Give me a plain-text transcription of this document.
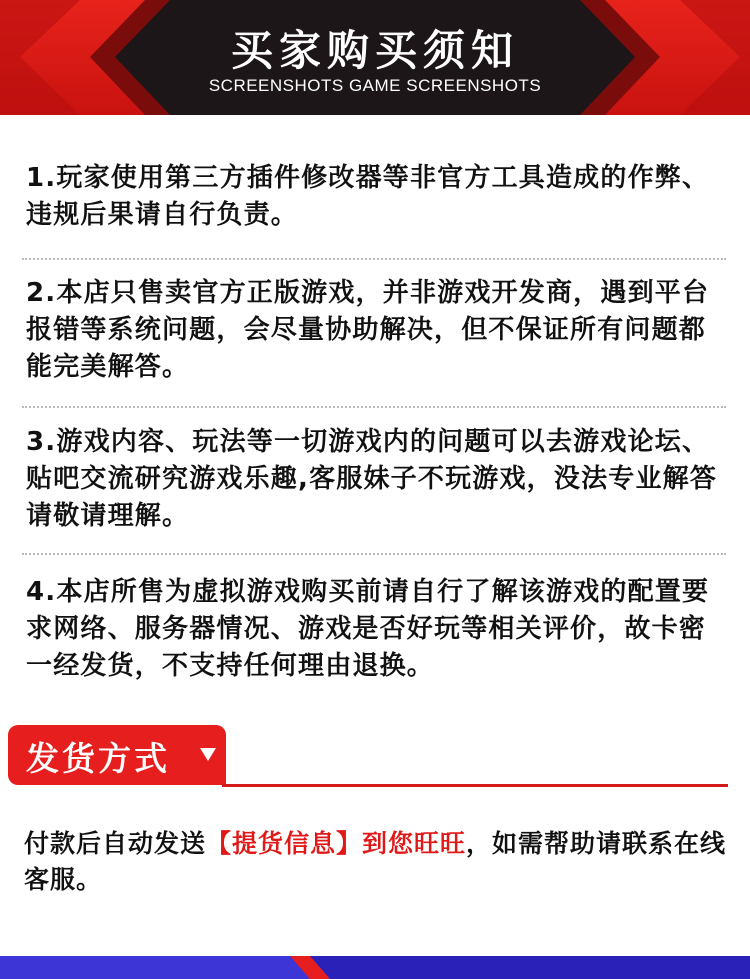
买家购买须知
SCREENSHOTS GAME SCREENSHOTS
1.玩家使用第三方插件修改器等非官方工具造成的作弊、违规后果请自行负责。
2.本店只售卖官方正版游戏，并非游戏开发商，遇到平台报错等系统问题，会尽量协助解决，但不保证所有问题都能完美解答。
3.游戏内容、玩法等一切游戏内的问题可以去游戏论坛、贴吧交流研究游戏乐趣,客服妹子不玩游戏，没法专业解答请敬请理解。
4.本店所售为虚拟游戏购买前请自行了解该游戏的配置要求网络、服务器情况、游戏是否好玩等相关评价，故卡密一经发货，不支持任何理由退换。
发货方式
付款后自动发送【提货信息】到您旺旺，如需帮助请联系在线客服。
